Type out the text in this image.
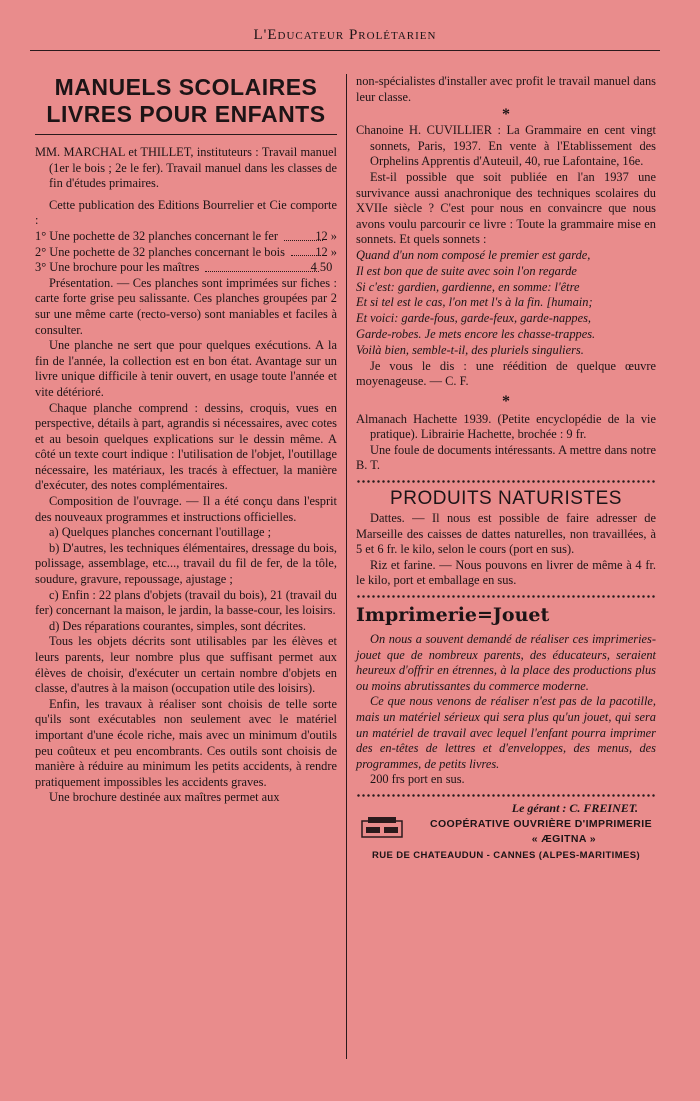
L'Educateur Prolétarien
MANUELS SCOLAIRES
LIVRES POUR ENFANTS

MM. MARCHAL et THILLET, instituteurs : Travail manuel (1er le bois ; 2e le fer). Travail manuel dans les classes de fin d'études primaires.

Cette publication des Editions Bourrelier et Cie comporte :

1° Une pochette de 32 planches concernant le fer	12 »
2° Une pochette de 32 planches concernant le bois 12 »
3° Une brochure pour les maîtres	4 50

Présentation. — Ces planches sont imprimées sur fiches : carte forte grise peu salissante. Ces planches groupées par 2 sur une même carte (recto-verso) sont maniables et faciles à consulter.

Une planche ne sert que pour quelques exécutions. A la fin de l'année, la collection est en bon état. Avantage sur un livre unique difficile à tenir ouvert, en usage toute l'année et vite détérioré.

Chaque planche comprend : dessins, croquis, vues en perspective, détails à part, agrandis si nécessaires, avec cotes et au besoin quelques explications sur le dessin même. A côté un texte court indique : l'utilisation de l'objet, l'outillage nécessaire, les matériaux, les tracés à effectuer, la manière d'exécuter, des notes complémentaires.

Composition de l'ouvrage. — Il a été conçu dans l'esprit des nouveaux programmes et instructions officielles.

a) Quelques planches concernant l'outillage ;

b) D'autres, les techniques élémentaires, dressage du bois, polissage, assemblage, etc..., travail du fil de fer, de la tôle, soudure, gravure, repoussage, ajustage ;

c) Enfin : 22 plans d'objets (travail du bois), 21 (travail du fer) concernant la maison, le jardin, la basse-cour, les loisirs.

d) Des réparations courantes, simples, sont décrites.

Tous les objets décrits sont utilisables par les élèves et leurs parents, leur nombre plus que suffisant permet aux élèves de choisir, d'exécuter un certain nombre d'objets en classe, d'autres à la maison (occupation utile des loisirs).

Enfin, les travaux à réaliser sont choisis de telle sorte qu'ils sont exécutables non seulement avec le matériel important d'une école riche, mais avec un minimum d'outils peu coûteux et peu encombrants. Ces outils sont choisis de manière à réduire au minimum les petits accidents, à rendre pratiquement impossibles les accidents graves.

Une brochure destinée aux maîtres permet aux

non-spécialistes d'installer avec profit le travail manuel dans leur classe.

*

Chanoine H. CUVILLIER : La Grammaire en cent vingt sonnets, Paris, 1937. En vente à l'Etablissement des Orphelins Apprentis d'Auteuil, 40, rue Lafontaine, 16e.

Est-il possible que soit publiée en l'an 1937 une survivance aussi anachronique des techniques scolaires du XVIIe siècle ? C'est pour nous en convaincre que nous avons voulu parcourir ce livre : Toute la grammaire mise en sonnets. Et quels sonnets :

Quand d'un nom composé le premier est garde,
Il est bon que de suite avec soin l'on regarde
Si c'est: gardien, gardienne, en somme: l'être
Et si tel est le cas, l'on met l's à la fin. [humain;
Et voici: garde-fous, garde-feux, garde-nappes,
Garde-robes. Je mets encore les chasse-trappes.
Voilà bien, semble-t-il, des pluriels singuliers.

Je vous le dis : une réédition de quelque œuvre moyenageuse. — C. F.

*

Almanach Hachette 1939. (Petite encyclopédie de la vie pratique). Librairie Hachette, brochée : 9 fr.

Une foule de documents intéressants. A mettre dans notre B. T.

PRODUITS NATURISTES

Dattes. — Il nous est possible de faire adresser de Marseille des caisses de dattes naturelles, non travaillées, à 5 et 6 fr. le kilo, selon le cours (port en sus).

Riz et farine. — Nous pouvons en livrer de même à 4 fr. le kilo, port et emballage en sus.

Imprimerie=Jouet

On nous a souvent demandé de réaliser ces imprimeries-jouet que de nombreux parents, des éducateurs, seraient heureux d'offrir en étrennes, à la place des productions plus ou moins abrutissantes du commerce moderne.

Ce que nous venons de réaliser n'est pas de la pacotille, mais un matériel sérieux qui sera plus qu'un jouet, qui sera un matériel de travail avec lequel l'enfant pourra imprimer des en-têtes de lettres et d'enveloppes, des menus, des programmes, de petits livres.

200 frs port en sus.

Le gérant : C. FREINET.
COOPÉRATIVE OUVRIÈRE D'IMPRIMERIE
« ÆGITNA »
RUE DE CHATEAUDUN - CANNES (ALPES-MARITIMES)
